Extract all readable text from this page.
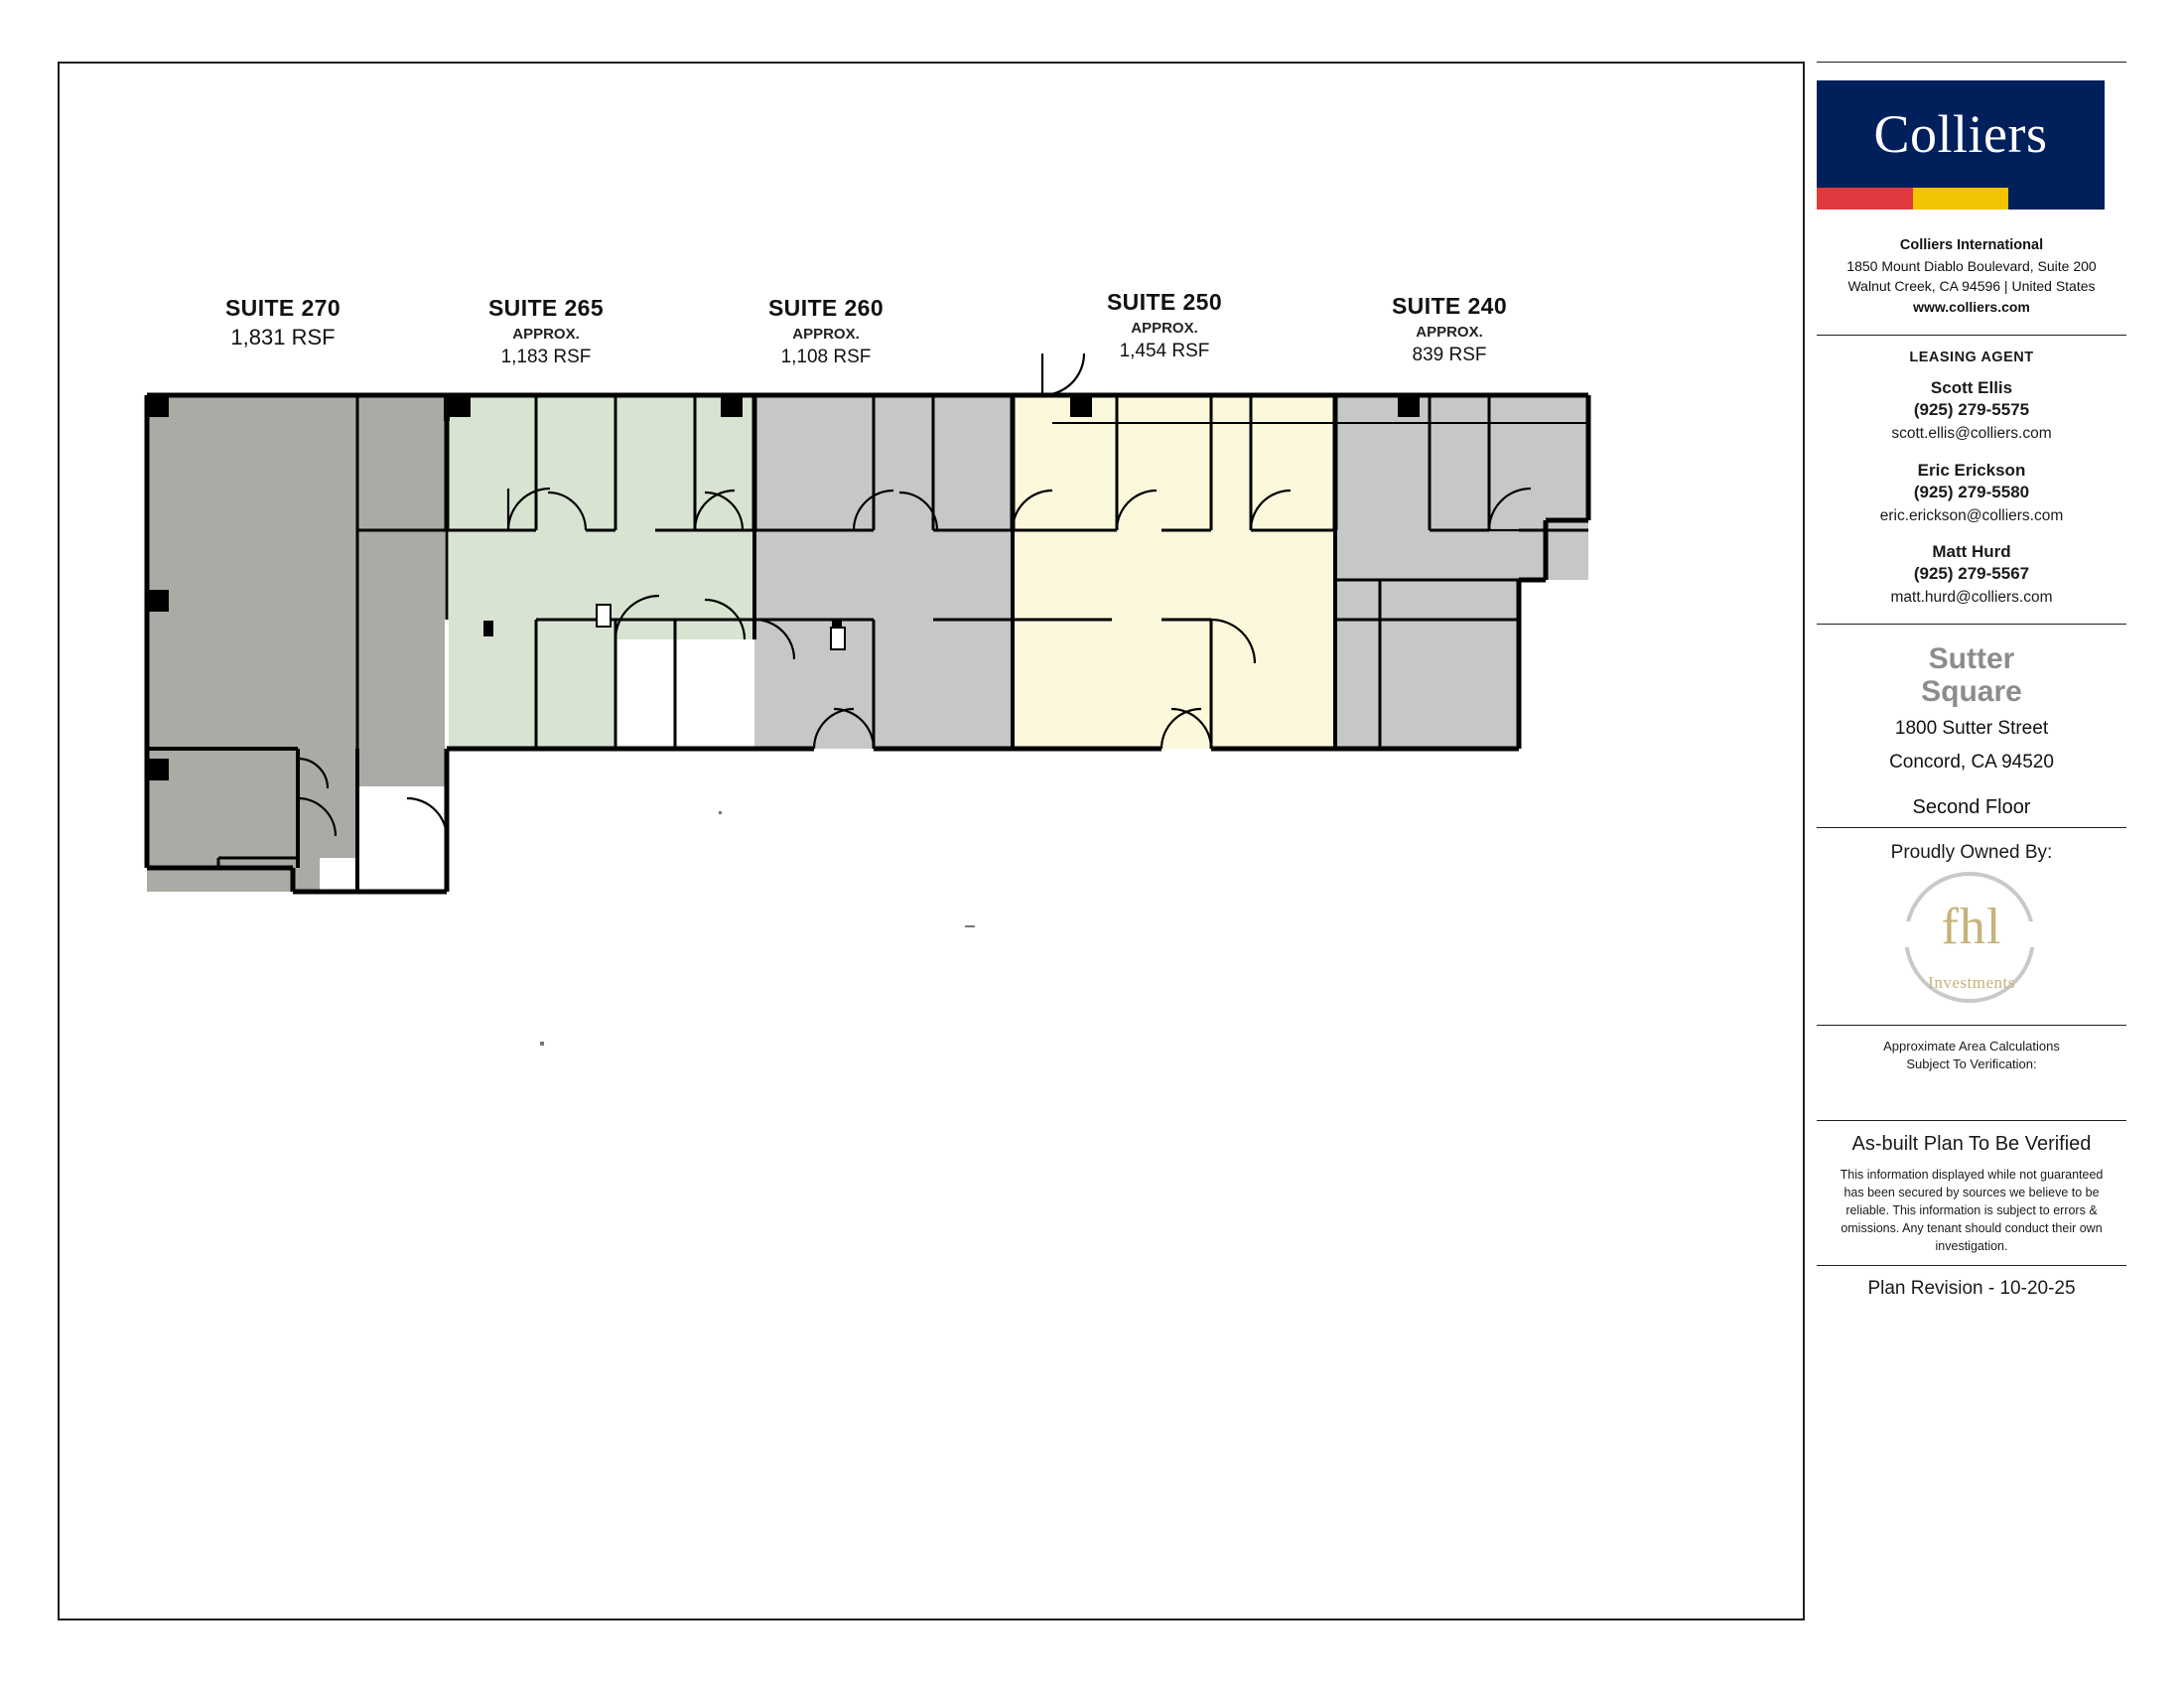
SUITE 270
1,831 RSF
SUITE 265
APPROX.
1,183 RSF
SUITE 260
APPROX.
1,108 RSF
SUITE 250
APPROX.
1,454 RSF
SUITE 240
APPROX.
839 RSF
Colliers
Colliers International
1850 Mount Diablo Boulevard, Suite 200
Walnut Creek, CA 94596 | United States
www.colliers.com
LEASING AGENT
Scott Ellis
(925) 279-5575
scott.ellis@colliers.com
Eric Erickson
(925) 279-5580
eric.erickson@colliers.com
Matt Hurd
(925) 279-5567
matt.hurd@colliers.com
Sutter
Square
1800 Sutter Street
Concord, CA 94520
Second Floor
Proudly Owned By:
fhl
Investments
Approximate Area Calculations
Subject To Verification:
As-built Plan To Be Verified
This information displayed while not guaranteed has been secured by sources we believe to be reliable. This information is subject to errors & omissions. Any tenant should conduct their own investigation.
Plan Revision - 10-20-25
